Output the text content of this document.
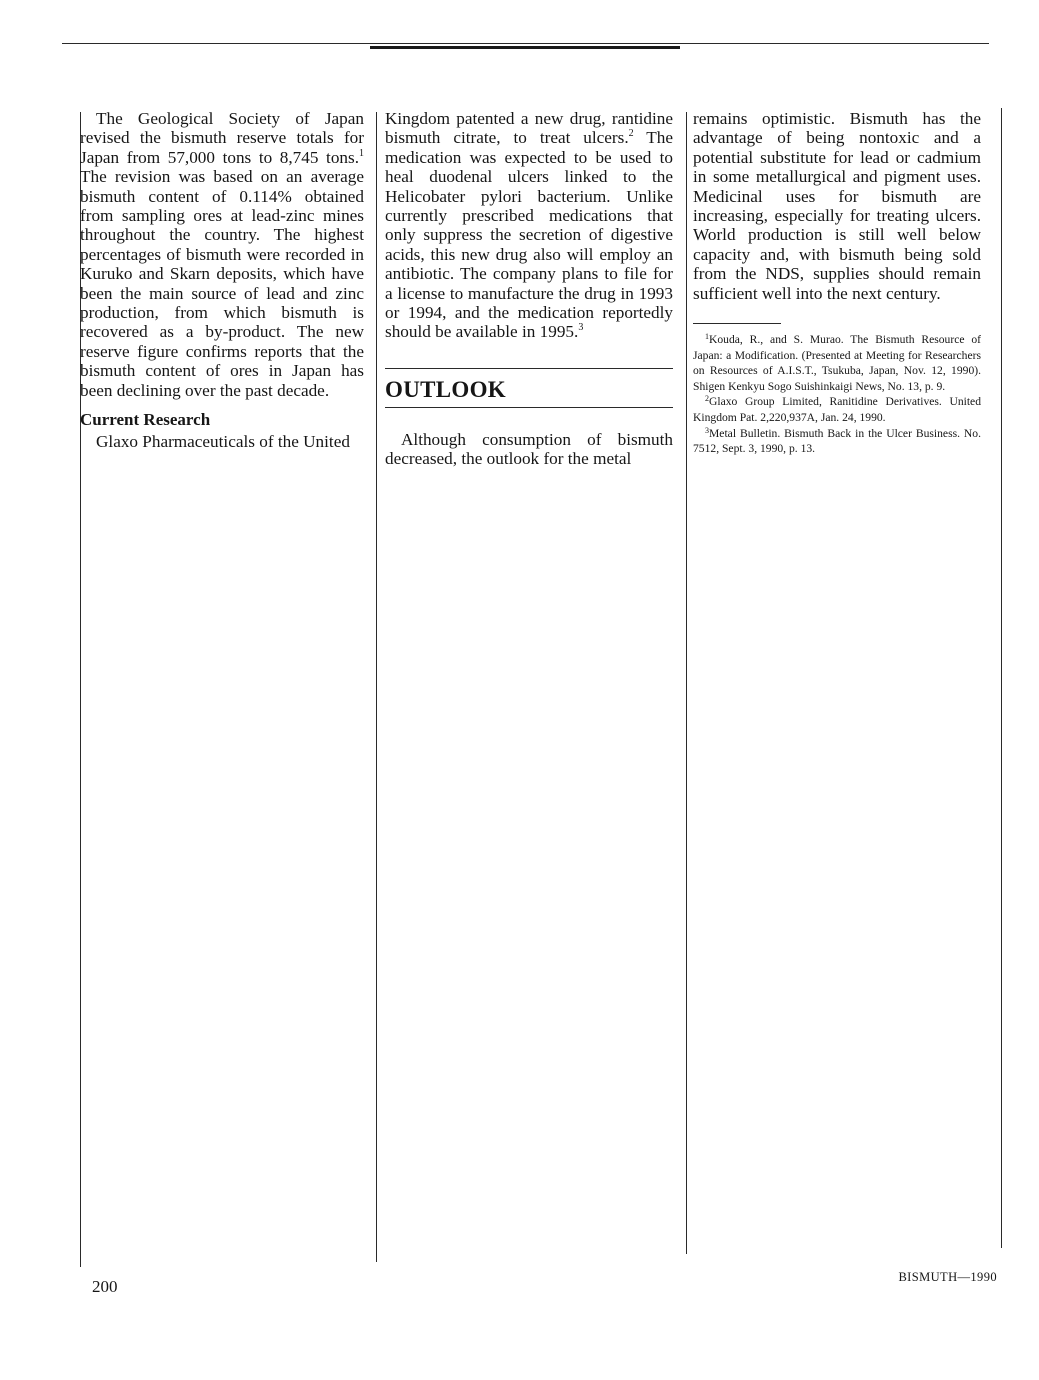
The Geological Society of Japan revised the bismuth reserve totals for Japan from 57,000 tons to 8,745 tons.$^1$ The revision was based on an average bismuth content of 0.114% obtained from sampling ores at lead-zinc mines throughout the country. The highest percentages of bismuth were recorded in Kuruko and Skarn deposits, which have been the main source of lead and zinc production, from which bismuth is recovered as a by-product. The new reserve figure confirms reports that the bismuth content of ores in Japan has been declining over the past decade.

Current Research

Glaxo Pharmaceuticals of the United

Kingdom patented a new drug, rantidine bismuth citrate, to treat ulcers.$^2$ The medication was expected to be used to heal duodenal ulcers linked to the Helicobater pylori bacterium. Unlike currently prescribed medications that only suppress the secretion of digestive acids, this new drug also will employ an antibiotic. The company plans to file for a license to manufacture the drug in 1993 or 1994, and the medication reportedly should be available in 1995.$^3$

OUTLOOK

Although consumption of bismuth decreased, the outlook for the metal

remains optimistic. Bismuth has the advantage of being nontoxic and a potential substitute for lead or cadmium in some metallurgical and pigment uses. Medicinal uses for bismuth are increasing, especially for treating ulcers. World production is still well below capacity and, with bismuth being sold from the NDS, supplies should remain sufficient well into the next century.

$^1$Kouda, R., and S. Murao. The Bismuth Resource of Japan: a Modification. (Presented at Meeting for Researchers on Resources of A.I.S.T., Tsukuba, Japan, Nov. 12, 1990). Shigen Kenkyu Sogo Suishinkaigi News, No. 13, p. 9.

$^2$Glaxo Group Limited, Ranitidine Derivatives. United Kingdom Pat. 2,220,937A, Jan. 24, 1990.

$^3$Metal Bulletin. Bismuth Back in the Ulcer Business. No. 7512, Sept. 3, 1990, p. 13.

200	BISMUTH—1990
